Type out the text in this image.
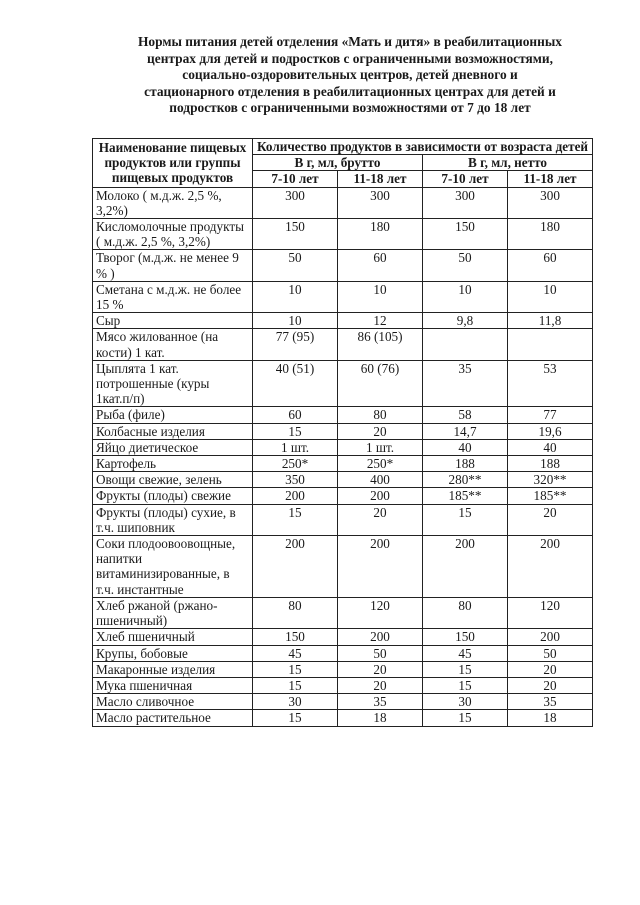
Нормы питания детей отделения «Мать и дитя» в реабилитационных
центрах для детей и подростков с ограниченными возможностями,
социально-оздоровительных центров, детей дневного и
стационарного отделения в реабилитационных центрах для детей и
подростков с ограниченными возможностями от 7 до 18 лет
Наименование пищевых продуктов или группы пищевых продуктов	Количество продуктов в зависимости от возраста детей			
	В г, мл, брутто		В г, мл, нетто	
	7-10 лет	11-18 лет	7-10 лет	11-18 лет
Молоко ( м.д.ж. 2,5 %, 3,2%)	300	300	300	300
Кисломолочные продукты ( м.д.ж. 2,5 %, 3,2%)	150	180	150	180
Творог (м.д.ж. не менее 9 % )	50	60	50	60
Сметана с м.д.ж. не более 15 %	10	10	10	10
Сыр	10	12	9,8	11,8
Мясо жилованное (на кости) 1 кат.	77 (95)	86 (105)		
Цыплята 1 кат. потрошенные (куры 1кат.п/п)	40 (51)	60 (76)	35	53
Рыба (филе)	60	80	58	77
Колбасные изделия	15	20	14,7	19,6
Яйцо диетическое	1 шт.	1 шт.	40	40
Картофель	250*	250*	188	188
Овощи свежие, зелень	350	400	280**	320**
Фрукты (плоды) свежие	200	200	185**	185**
Фрукты (плоды) сухие, в т.ч. шиповник	15	20	15	20
Соки плодоовоовощные, напитки витаминизированные, в т.ч. инстантные	200	200	200	200
Хлеб ржаной (ржано-пшеничный)	80	120	80	120
Хлеб пшеничный	150	200	150	200
Крупы, бобовые	45	50	45	50
Макаронные изделия	15	20	15	20
Мука пшеничная	15	20	15	20
Масло сливочное	30	35	30	35
Масло растительное	15	18	15	18
